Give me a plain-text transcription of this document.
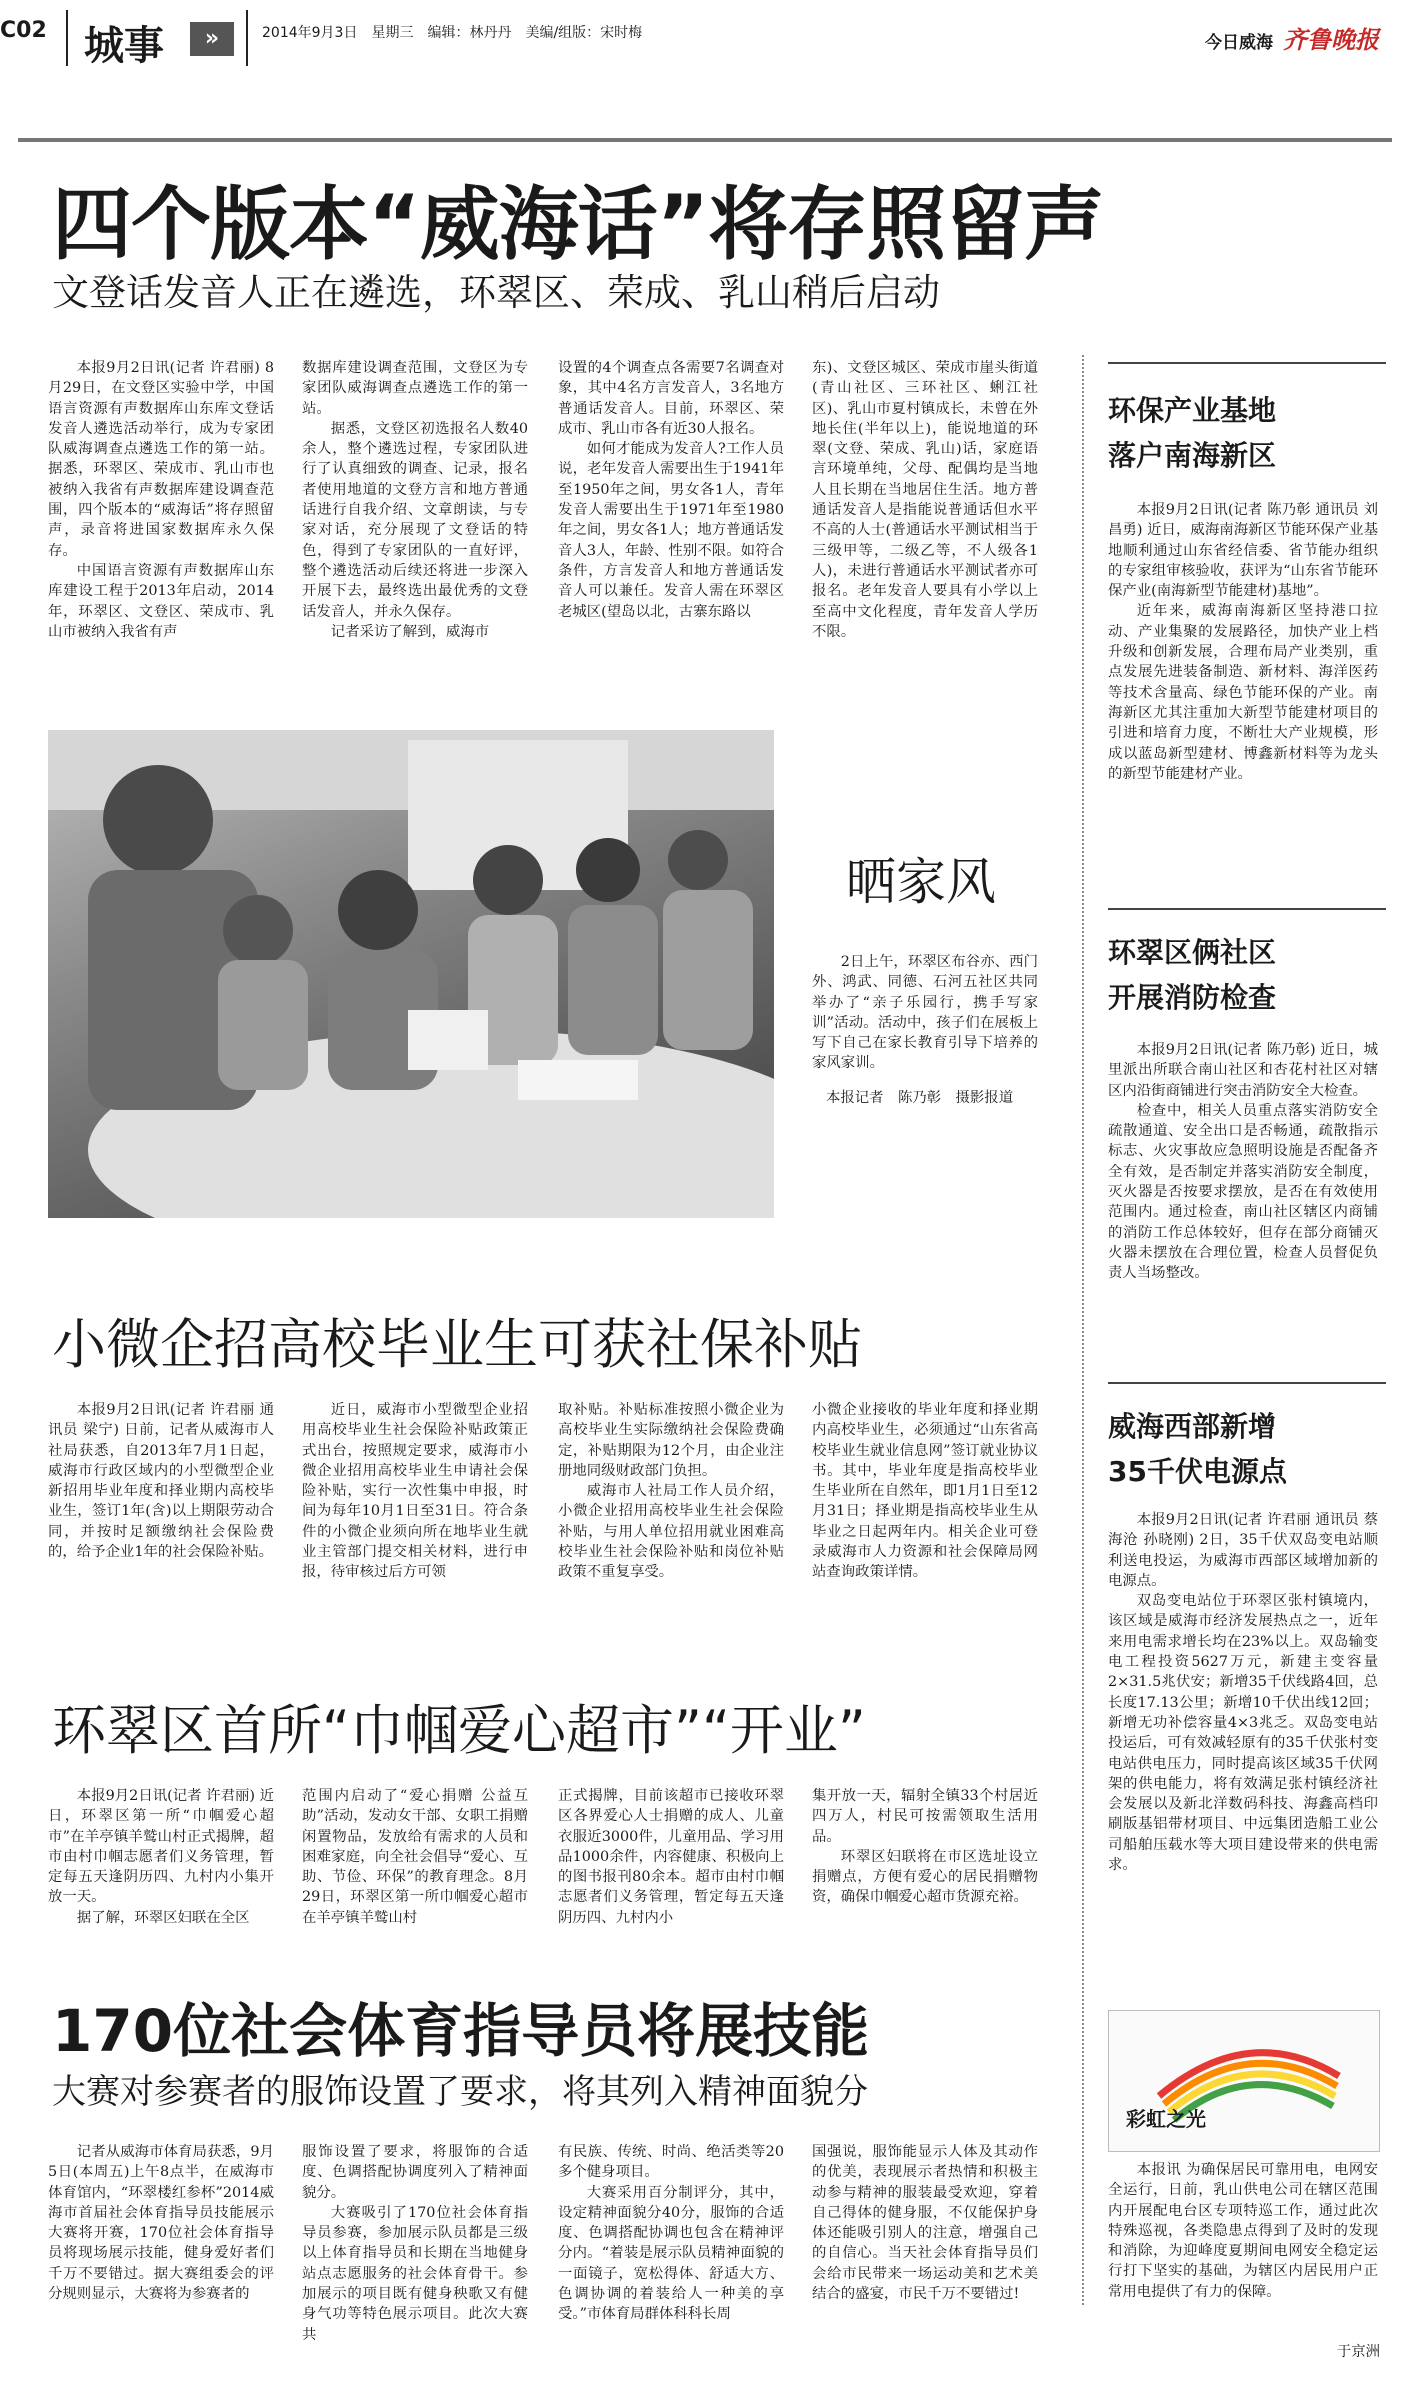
C02 城事	»	2014年9月3日　星期三　编辑：林丹丹　美编/组版：宋时梅	今日威海 齐鲁晚报
四个版本“威海话”将存照留声
文登话发音人正在遴选，环翠区、荣成、乳山稍后启动

本报9月2日讯(记者 许君丽) 8月29日，在文登区实验中学，中国语言资源有声数据库山东库文登话发音人遴选活动举行，成为专家团队威海调查点遴选工作的第一站。据悉，环翠区、荣成市、乳山市也被纳入我省有声数据库建设调查范围，四个版本的“威海话”将存照留声，录音将进国家数据库永久保存。

中国语言资源有声数据库山东库建设工程于2013年启动，2014年，环翠区、文登区、荣成市、乳山市被纳入我省有声

数据库建设调查范围，文登区为专家团队威海调查点遴选工作的第一站。

据悉，文登区初选报名人数40余人，整个遴选过程，专家团队进行了认真细致的调查、记录，报名者使用地道的文登方言和地方普通话进行自我介绍、文章朗读，与专家对话，充分展现了文登话的特色，得到了专家团队的一直好评，整个遴选活动后续还将进一步深入开展下去，最终选出最优秀的文登话发音人，并永久保存。

记者采访了解到，威海市

设置的4个调查点各需要7名调查对象，其中4名方言发音人，3名地方普通话发音人。目前，环翠区、荣成市、乳山市各有近30人报名。

如何才能成为发音人?工作人员说，老年发音人需要出生于1941年至1950年之间，男女各1人，青年发音人需要出生于1971年至1980年之间，男女各1人；地方普通话发音人3人，年龄、性别不限。如符合条件，方言发音人和地方普通话发音人可以兼任。发音人需在环翠区老城区(望岛以北，古寨东路以

东)、文登区城区、荣成市崖头街道(青山社区、三环社区、蜊江社区)、乳山市夏村镇成长，未曾在外地长住(半年以上)，能说地道的环翠(文登、荣成、乳山)话，家庭语言环境单纯，父母、配偶均是当地人且长期在当地居住生活。地方普通话发音人是指能说普通话但水平不高的人士(普通话水平测试相当于三级甲等，二级乙等，不人级各1人)，未进行普通话水平测试者亦可报名。老年发音人要具有小学以上至高中文化程度，青年发音人学历不限。

晒家风

2日上午，环翠区布谷亦、西门外、鸿武、同德、石河五社区共同举办了“亲子乐园行，携手写家训”活动。活动中，孩子们在展板上写下自己在家长教育引导下培养的家风家训。

本报记者　陈乃彰　摄影报道
小微企招高校毕业生可获社保补贴

本报9月2日讯(记者 许君丽 通讯员 梁宁) 日前，记者从威海市人社局获悉，自2013年7月1日起，威海市行政区域内的小型微型企业新招用毕业年度和择业期内高校毕业生，签订1年(含)以上期限劳动合同，并按时足额缴纳社会保险费的，给予企业1年的社会保险补贴。

近日，威海市小型微型企业招用高校毕业生社会保险补贴政策正式出台，按照规定要求，威海市小微企业招用高校毕业生申请社会保险补贴，实行一次性集中申报，时间为每年10月1日至31日。符合条件的小微企业须向所在地毕业生就业主管部门提交相关材料，进行申报，待审核过后方可领

取补贴。补贴标准按照小微企业为高校毕业生实际缴纳社会保险费确定，补贴期限为12个月，由企业注册地同级财政部门负担。

威海市人社局工作人员介绍，小微企业招用高校毕业生社会保险补贴，与用人单位招用就业困难高校毕业生社会保险补贴和岗位补贴政策不重复享受。

小微企业接收的毕业年度和择业期内高校毕业生，必须通过“山东省高校毕业生就业信息网”签订就业协议书。其中，毕业年度是指高校毕业生毕业所在自然年，即1月1日至12月31日；择业期是指高校毕业生从毕业之日起两年内。相关企业可登录威海市人力资源和社会保障局网站查询政策详情。

环翠区首所“巾帼爱心超市”“开业”

本报9月2日讯(记者 许君丽) 近日，环翠区第一所“巾帼爱心超市”在羊亭镇羊鹫山村正式揭牌，超市由村巾帼志愿者们义务管理，暂定每五天逢阴历四、九村内小集开放一天。

据了解，环翠区妇联在全区

范围内启动了“爱心捐赠 公益互助”活动，发动女干部、女职工捐赠闲置物品，发放给有需求的人员和困难家庭，向全社会倡导“爱心、互助、节俭、环保”的教育理念。8月29日，环翠区第一所巾帼爱心超市在羊亭镇羊鹫山村

正式揭牌，目前该超市已接收环翠区各界爱心人士捐赠的成人、儿童衣服近3000件，儿童用品、学习用品1000余件，内容健康、积极向上的图书报刊80余本。超市由村巾帼志愿者们义务管理，暂定每五天逢阴历四、九村内小

集开放一天，辐射全镇33个村居近四万人，村民可按需领取生活用品。

环翠区妇联将在市区选址设立捐赠点，方便有爱心的居民捐赠物资，确保巾帼爱心超市货源充裕。

170位社会体育指导员将展技能
大赛对参赛者的服饰设置了要求，将其列入精神面貌分

记者从威海市体育局获悉，9月5日(本周五)上午8点半，在威海市体育馆内，“环翠楼红参杯”2014威海市首届社会体育指导员技能展示大赛将开赛，170位社会体育指导员将现场展示技能，健身爱好者们千万不要错过。据大赛组委会的评分规则显示，大赛将为参赛者的

服饰设置了要求，将服饰的合适度、色调搭配协调度列入了精神面貌分。

大赛吸引了170位社会体育指导员参赛，参加展示队员都是三级以上体育指导员和长期在当地健身站点志愿服务的社会体育骨干。参加展示的项目既有健身秧歌又有健身气功等特色展示项目。此次大赛共

有民族、传统、时尚、绝活类等20多个健身项目。

大赛采用百分制评分，其中，设定精神面貌分40分，服饰的合适度、色调搭配协调也包含在精神评分内。“着装是展示队员精神面貌的一面镜子，宽松得体、舒适大方、色调协调的着装给人一种美的享受。”市体育局群体科科长周

国强说，服饰能显示人体及其动作的优美，表现展示者热情和积极主动参与精神的服装最受欢迎，穿着自己得体的健身服，不仅能保护身体还能吸引别人的注意，增强自己的自信心。当天社会体育指导员们会给市民带来一场运动美和艺术美结合的盛宴，市民千万不要错过!

环保产业基地
落户南海新区

本报9月2日讯(记者 陈乃彰 通讯员 刘昌勇) 近日，威海南海新区节能环保产业基地顺利通过山东省经信委、省节能办组织的专家组审核验收，获评为“山东省节能环保产业(南海新型节能建材)基地”。

近年来，威海南海新区坚持港口拉动、产业集聚的发展路径，加快产业上档升级和创新发展，合理布局产业类别，重点发展先进装备制造、新材料、海洋医药等技术含量高、绿色节能环保的产业。南海新区尤其注重加大新型节能建材项目的引进和培育力度，不断壮大产业规模，形成以蓝岛新型建材、博鑫新材料等为龙头的新型节能建材产业。

环翠区俩社区
开展消防检查

本报9月2日讯(记者 陈乃彰) 近日，城里派出所联合南山社区和杏花村社区对辖区内沿街商铺进行突击消防安全大检查。

检查中，相关人员重点落实消防安全疏散通道、安全出口是否畅通，疏散指示标志、火灾事故应急照明设施是否配备齐全有效，是否制定并落实消防安全制度，灭火器是否按要求摆放，是否在有效使用范围内。通过检查，南山社区辖区内商铺的消防工作总体较好，但存在部分商铺灭火器未摆放在合理位置，检查人员督促负责人当场整改。

威海西部新增
35千伏电源点

本报9月2日讯(记者 许君丽 通讯员 蔡海沧 孙晓刚) 2日，35千伏双岛变电站顺利送电投运，为威海市西部区域增加新的电源点。

双岛变电站位于环翠区张村镇境内，该区域是威海市经济发展热点之一，近年来用电需求增长均在23%以上。双岛输变电工程投资5627万元，新建主变容量2×31.5兆伏安；新增35千伏线路4回，总长度17.13公里；新增10千伏出线12回；新增无功补偿容量4×3兆乏。双岛变电站投运后，可有效减轻原有的35千伏张村变电站供电压力，同时提高该区域35千伏网架的供电能力，将有效满足张村镇经济社会发展以及新北洋数码科技、海鑫高档印刷版基铝带材项目、中远集团造船工业公司船舶压载水等大项目建设带来的供电需求。

彩虹之光

本报讯 为确保居民可靠用电，电网安全运行，日前，乳山供电公司在辖区范围内开展配电台区专项特巡工作，通过此次特殊巡视，各类隐患点得到了及时的发现和消除，为迎峰度夏期间电网安全稳定运行打下坚实的基础，为辖区内居民用户正常用电提供了有力的保障。

于京洲
